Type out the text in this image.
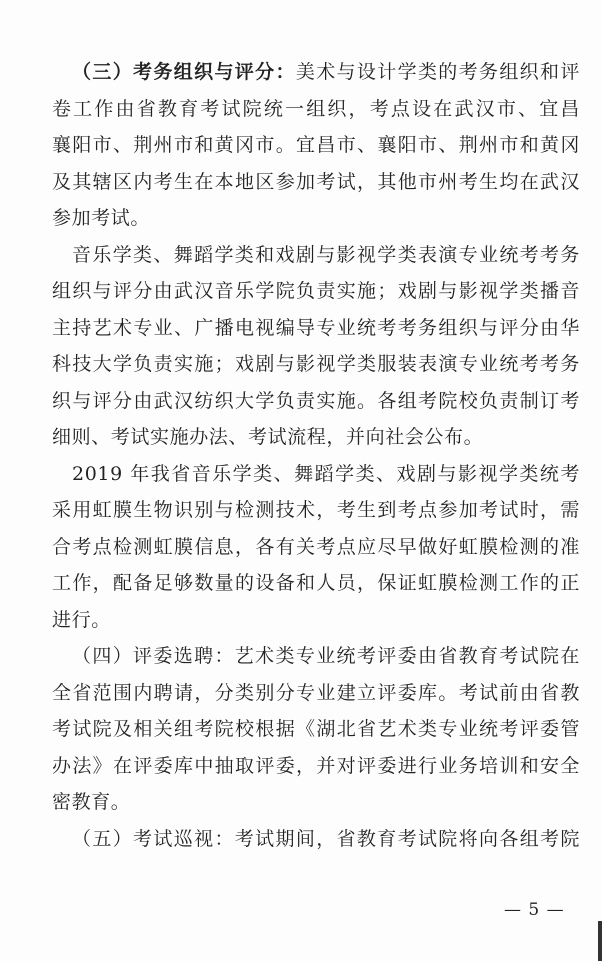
（三）考务组织与评分：美术与设计学类的考务组织和评
卷工作由省教育考试院统一组织，考点设在武汉市、宜昌
襄阳市、荆州市和黄冈市。宜昌市、襄阳市、荆州市和黄冈
及其辖区内考生在本地区参加考试，其他市州考生均在武汉
参加考试。
音乐学类、舞蹈学类和戏剧与影视学类表演专业统考考务
组织与评分由武汉音乐学院负责实施；戏剧与影视学类播音
主持艺术专业、广播电视编导专业统考考务组织与评分由华
科技大学负责实施；戏剧与影视学类服装表演专业统考考务
织与评分由武汉纺织大学负责实施。各组考院校负责制订考
细则、考试实施办法、考试流程，并向社会公布。
2019 年我省音乐学类、舞蹈学类、戏剧与影视学类统考
采用虹膜生物识别与检测技术，考生到考点参加考试时，需
合考点检测虹膜信息，各有关考点应尽早做好虹膜检测的准
工作，配备足够数量的设备和人员，保证虹膜检测工作的正
进行。
（四）评委选聘：艺术类专业统考评委由省教育考试院在
全省范围内聘请，分类别分专业建立评委库。考试前由省教
考试院及相关组考院校根据《湖北省艺术类专业统考评委管
办法》在评委库中抽取评委，并对评委进行业务培训和安全
密教育。
（五）考试巡视：考试期间，省教育考试院将向各组考院
— 5 —
